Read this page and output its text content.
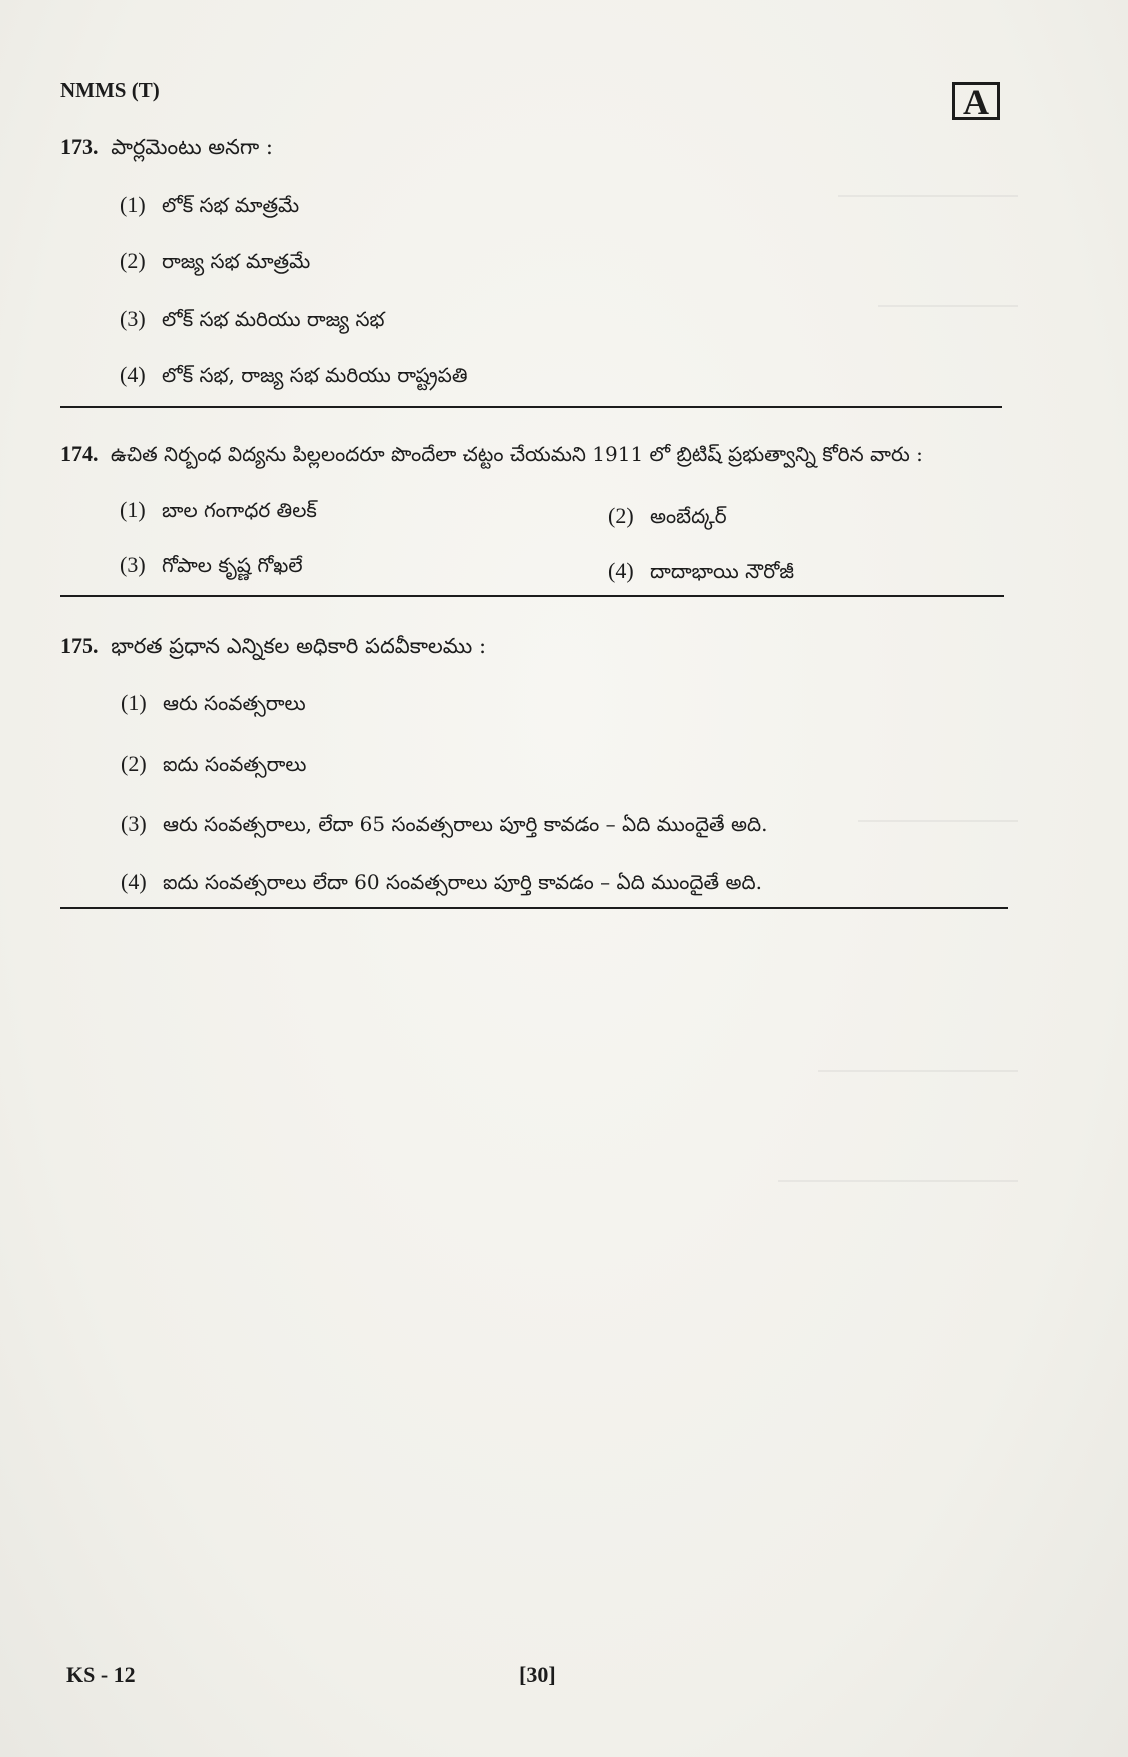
NMMS (T)	A
173. పార్లమెంటు అనగా :
(1) లోక్ సభ మాత్రమే
(2) రాజ్య సభ మాత్రమే
(3) లోక్ సభ మరియు రాజ్య సభ
(4) లోక్ సభ, రాజ్య సభ మరియు రాష్ట్రపతి
174. ఉచిత నిర్బంధ విద్యను పిల్లలందరూ పొందేలా చట్టం చేయమని 1911 లో బ్రిటిష్ ప్రభుత్వాన్ని కోరిన వారు :
(1) బాల గంగాధర తిలక్	(2) అంబేద్కర్
(3) గోపాల కృష్ణ గోఖలే	(4) దాదాభాయి నౌరోజీ
175. భారత ప్రధాన ఎన్నికల అధికారి పదవీకాలము :
(1) ఆరు సంవత్సరాలు
(2) ఐదు సంవత్సరాలు
(3) ఆరు సంవత్సరాలు, లేదా 65 సంవత్సరాలు పూర్తి కావడం – ఏది ముందైతే అది.
(4) ఐదు సంవత్సరాలు లేదా 60 సంవత్సరాలు పూర్తి కావడం – ఏది ముందైతే అది.
KS - 12	[30]
